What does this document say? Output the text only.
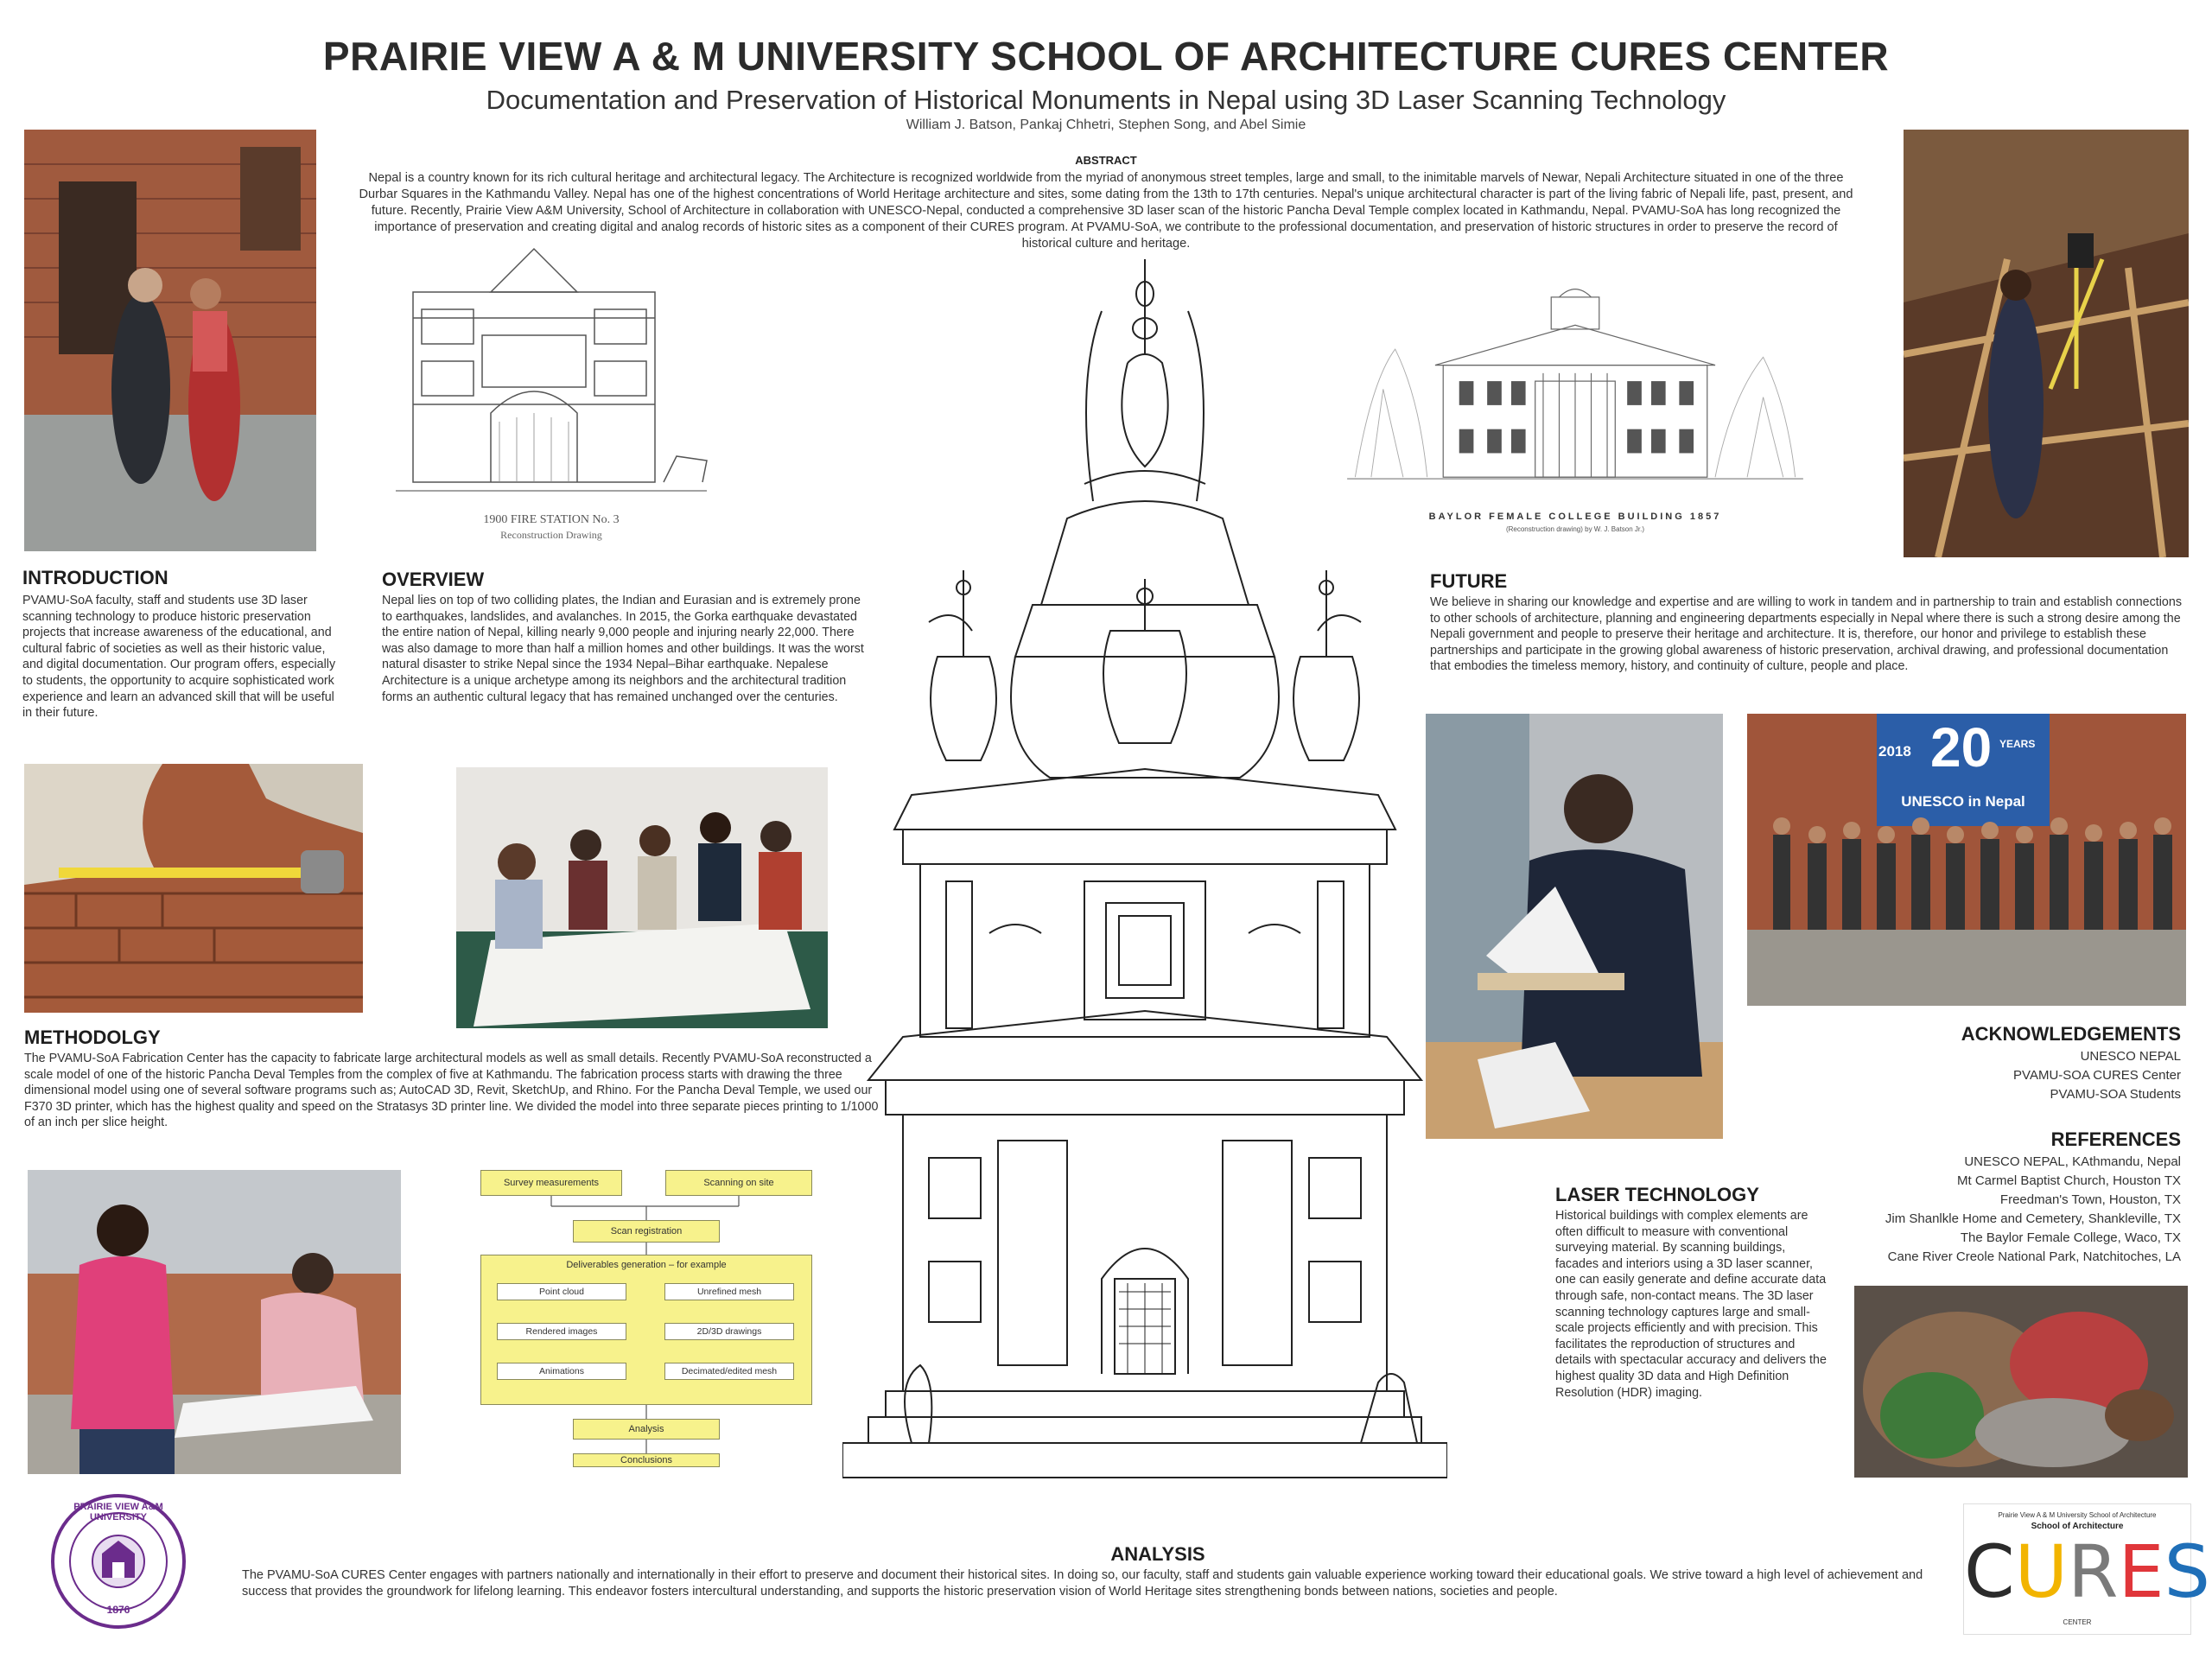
PRAIRIE VIEW A & M UNIVERSITY SCHOOL OF ARCHITECTURE CURES CENTER
Documentation and Preservation of Historical Monuments in Nepal using 3D Laser Scanning Technology
William J. Batson, Pankaj Chhetri, Stephen Song, and Abel Simie
ABSTRACT
Nepal is a country known for its rich cultural heritage and architectural legacy. The Architecture is recognized worldwide from the myriad of anonymous street temples, large and small, to the inimitable marvels of Newar, Nepali Architecture situated in one of the three Durbar Squares in the Kathmandu Valley. Nepal has one of the highest concentrations of World Heritage architecture and sites, some dating from the 13th to 17th centuries. Nepal's unique architectural character is part of the living fabric of Nepali life, past, present, and future. Recently, Prairie View A&M University, School of Architecture in collaboration with UNESCO-Nepal, conducted a comprehensive 3D laser scan of the historic Pancha Deval Temple complex located in Kathmandu, Nepal. PVAMU-SoA has long recognized the importance of preservation and creating digital and analog records of historic sites as a component of their CURES program. At PVAMU-SoA, we contribute to the professional documentation, and preservation of historic structures in order to preserve the record of historical culture and heritage.
INTRODUCTION
PVAMU-SoA faculty, staff and students use 3D laser scanning technology to produce historic preservation projects that increase awareness of the educational, and cultural fabric of societies as well as their historic value, and digital documentation. Our program offers, especially to students, the opportunity to acquire sophisticated work experience and learn an advanced skill that will be useful in their future.
OVERVIEW
Nepal lies on top of two colliding plates, the Indian and Eurasian and is extremely prone to earthquakes, landslides, and avalanches. In 2015, the Gorka earthquake devastated the entire nation of Nepal, killing nearly 9,000 people and injuring nearly 22,000. There was also damage to more than half a million homes and other buildings. It was the worst natural disaster to strike Nepal since the 1934 Nepal–Bihar earthquake. Nepalese Architecture is a unique archetype among its neighbors and the architectural tradition forms an authentic cultural legacy that has remained unchanged over the centuries.
1900 FIRE STATION No. 3
Reconstruction Drawing
BAYLOR FEMALE COLLEGE BUILDING 1857
(Reconstruction drawing) by W. J. Batson Jr.)
METHODOLGY
The PVAMU-SoA Fabrication Center has the capacity to fabricate large architectural models as well as small details. Recently PVAMU-SoA reconstructed a scale model of one of the historic Pancha Deval Temples from the complex of five at Kathmandu. The fabrication process starts with drawing the three dimensional model using one of several software programs such as; AutoCAD 3D, Revit, SketchUp, and Rhino. For the Pancha Deval Temple, we used our F370 3D printer, which has the highest quality and speed on the Stratasys 3D printer line. We divided the model into three separate pieces printing to 1/1000 of an inch per slice height.
Survey measurements	Scanning on site
Scan registration
Deliverables generation – for example
Point cloud	Unrefined mesh
Rendered images	2D/3D drawings
Animations	Decimated/edited mesh
Analysis
Conclusions
FUTURE
We believe in sharing our knowledge and expertise and are willing to work in tandem and in partnership to train and establish connections to other schools of architecture, planning and engineering departments especially in Nepal where there is such a strong desire among the Nepali government and people to preserve their heritage and architecture. It is, therefore, our honor and privilege to establish these partnerships and participate in the growing global awareness of historic preservation, archival drawing, and professional documentation that embodies the timeless memory, history, and continuity of culture, people and place.
2018 20 YEARS
UNESCO in Nepal
ACKNOWLEDGEMENTS
UNESCO NEPAL
PVAMU-SOA CURES Center
PVAMU-SOA Students
REFERENCES
UNESCO NEPAL, KAthmandu, Nepal
Mt Carmel Baptist Church, Houston TX
Freedman's Town, Houston, TX
Jim Shanlkle Home and Cemetery, Shankleville, TX
The Baylor Female College, Waco, TX
Cane River Creole National Park, Natchitoches, LA
LASER TECHNOLOGY
Historical buildings with complex elements are often difficult to measure with conventional surveying material. By scanning buildings, facades and interiors using a 3D laser scanner, one can easily generate and define accurate data through safe, non-contact means. The 3D laser scanning technology captures large and small-scale projects efficiently and with precision. This facilitates the reproduction of structures and details with spectacular accuracy and delivers the highest quality 3D data and High Definition Resolution (HDR) imaging.
ANALYSIS
The PVAMU-SoA CURES Center engages with partners nationally and internationally in their effort to preserve and document their historical sites. In doing so, our faculty, staff and students gain valuable experience working toward their educational goals. We strive toward a high level of achievement and success that provides the groundwork for lifelong learning. This endeavor fosters intercultural understanding, and supports the historic preservation vision of World Heritage sites strengthening bonds between nations, societies and people.
PRAIRIE VIEW A&M UNIVERSITY
1876
Prairie View A & M University School of Architecture
School of Architecture
CURES
CENTER
